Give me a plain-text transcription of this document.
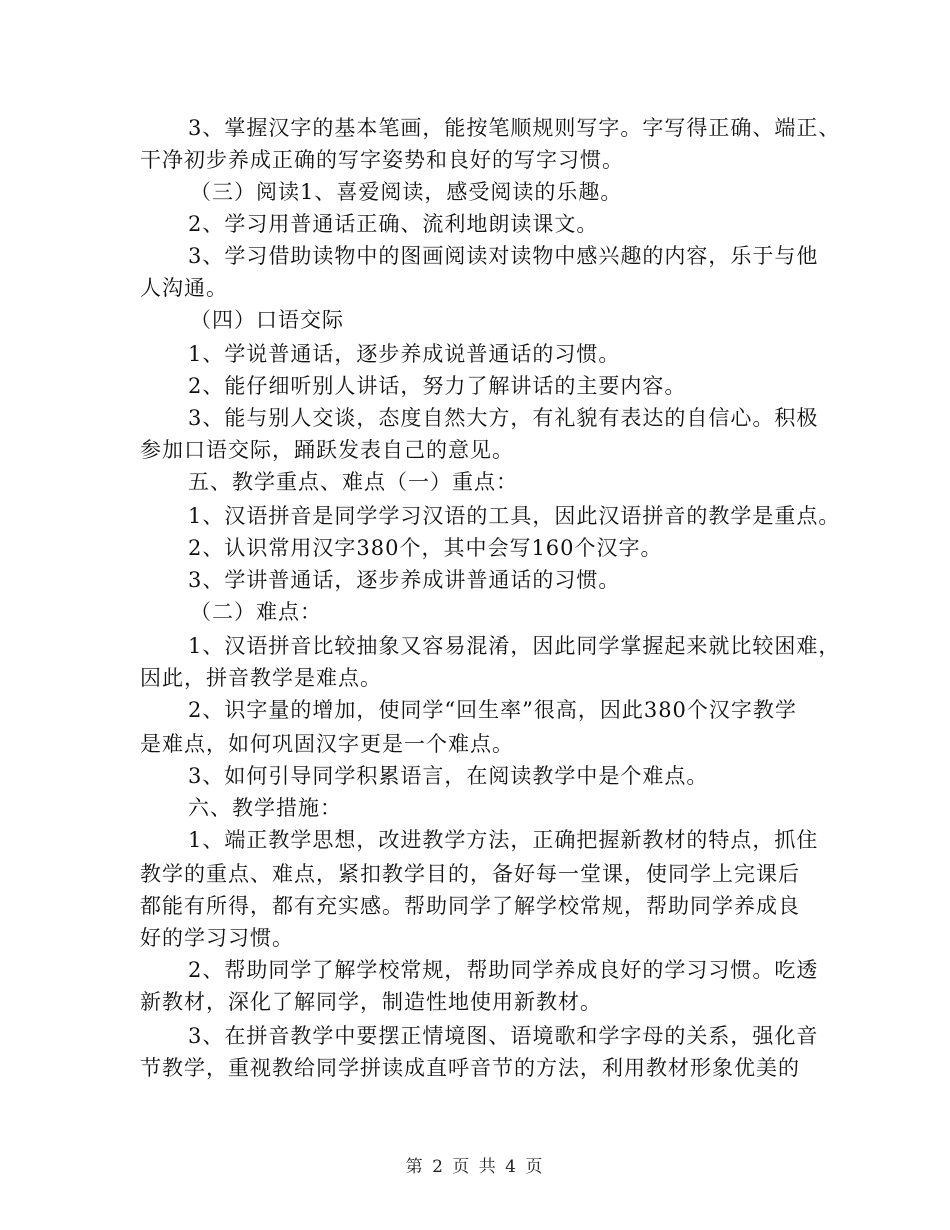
3、掌握汉字的基本笔画，能按笔顺规则写字。字写得正确、端正、
干净初步养成正确的写字姿势和良好的写字习惯。
（三）阅读1、喜爱阅读，感受阅读的乐趣。
2、学习用普通话正确、流利地朗读课文。
3、学习借助读物中的图画阅读对读物中感兴趣的内容，乐于与他
人沟通。
（四）口语交际
1、学说普通话，逐步养成说普通话的习惯。
2、能仔细听别人讲话，努力了解讲话的主要内容。
3、能与别人交谈，态度自然大方，有礼貌有表达的自信心。积极
参加口语交际，踊跃发表自己的意见。
五、教学重点、难点（一）重点：
1、汉语拼音是同学学习汉语的工具，因此汉语拼音的教学是重点。
2、认识常用汉字380个，其中会写160个汉字。
3、学讲普通话，逐步养成讲普通话的习惯。
（二）难点：
1、汉语拼音比较抽象又容易混淆，因此同学掌握起来就比较困难，
因此，拼音教学是难点。
2、识字量的增加，使同学“回生率”很高，因此380个汉字教学
是难点，如何巩固汉字更是一个难点。
3、如何引导同学积累语言，在阅读教学中是个难点。
六、教学措施：
1、端正教学思想，改进教学方法，正确把握新教材的特点，抓住
教学的重点、难点，紧扣教学目的，备好每一堂课，使同学上完课后
都能有所得，都有充实感。帮助同学了解学校常规，帮助同学养成良
好的学习习惯。
2、帮助同学了解学校常规，帮助同学养成良好的学习习惯。吃透
新教材，深化了解同学，制造性地使用新教材。
3、在拼音教学中要摆正情境图、语境歌和学字母的关系，强化音
节教学，重视教给同学拼读成直呼音节的方法，利用教材形象优美的
第 2 页 共 4 页
